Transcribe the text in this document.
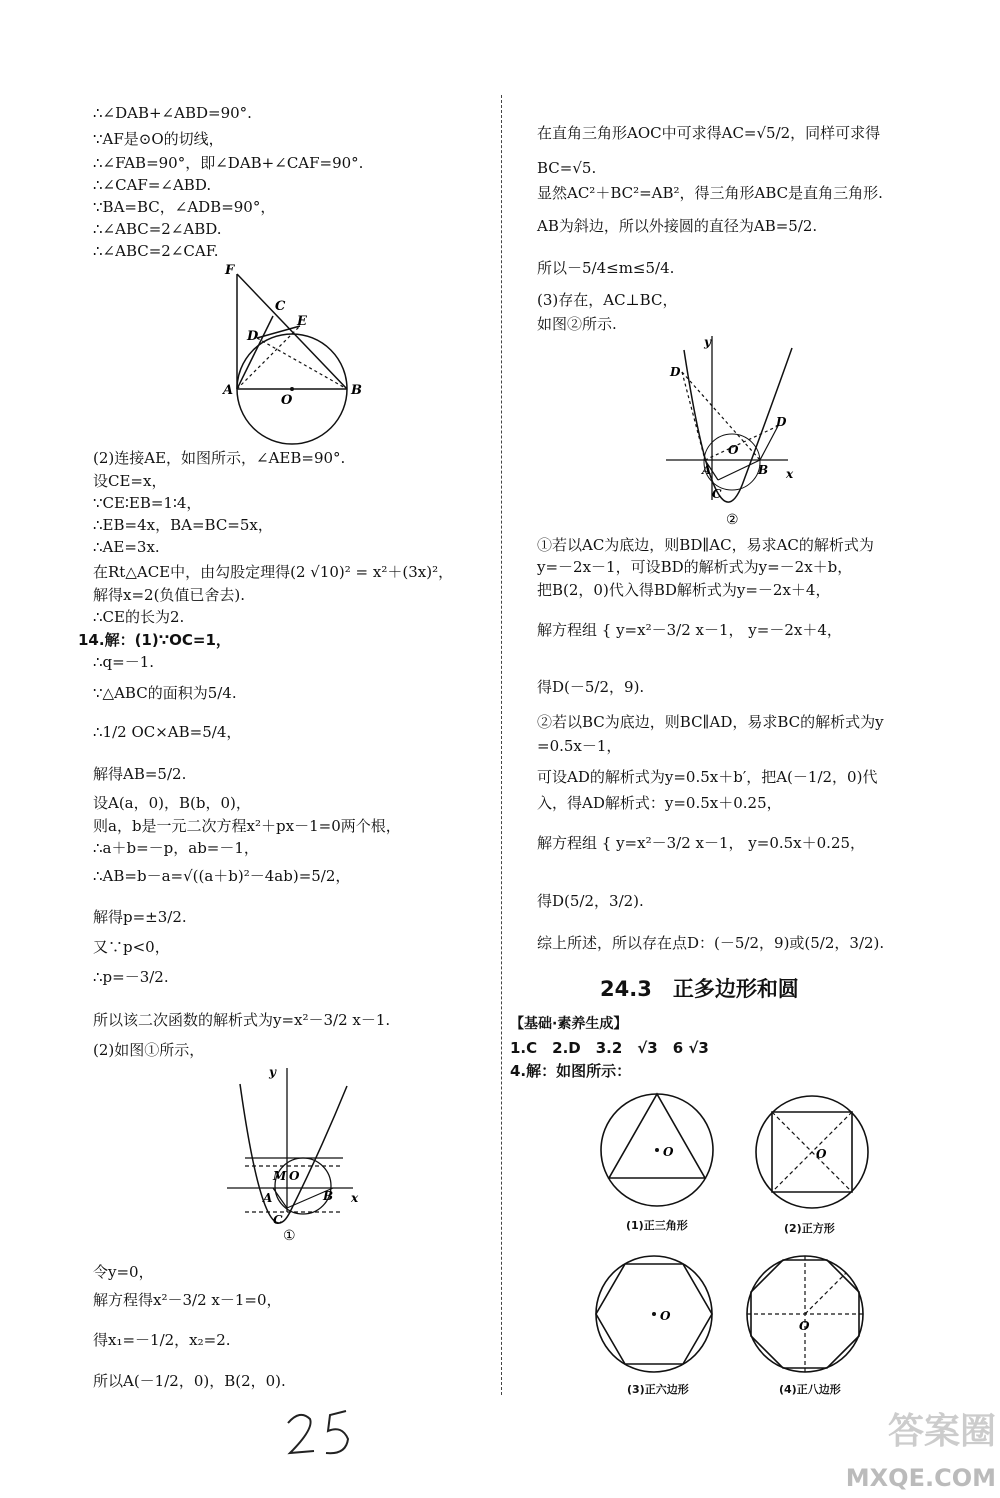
∴∠DAB+∠ABD=90°.
∵AF是⊙O的切线，
∴∠FAB=90°，即∠DAB+∠CAF=90°.
∴∠CAF=∠ABD.
∵BA=BC，∠ADB=90°，
∴∠ABC=2∠ABD.
∴∠ABC=2∠CAF.
F
C
E
D
A
O
B
(2)连接AE，如图所示，∠AEB=90°.
设CE=x，
∵CE∶EB=1∶4，
∴EB=4x，BA=BC=5x，
∴AE=3x.
在Rt△ACE中，由勾股定理得(2 √10)² = x²＋(3x)²，
解得x=2(负值已舍去).
∴CE的长为2.
14.解：(1)∵OC=1，
∴q=－1.
∵△ABC的面积为5/4.
∴1/2 OC×AB=5/4，
解得AB=5/2.
设A(a，0)，B(b，0)，
则a，b是一元二次方程x²＋px－1=0两个根，
∴a＋b=－p，ab=－1，
∴AB=b－a=√((a＋b)²－4ab)=5/2，
解得p=±3/2.
又∵p<0，
∴p=－3/2.
所以该二次函数的解析式为y=x²－3/2 x－1.
(2)如图①所示，
y
x
M O
A	B
C
①
令y=0，
解方程得x²－3/2 x－1=0，
得x₁=－1/2，x₂=2.
所以A(－1/2，0)，B(2，0).
在直角三角形AOC中可求得AC=√5/2，同样可求得
BC=√5.
显然AC²＋BC²=AB²，得三角形ABC是直角三角形.
AB为斜边，所以外接圆的直径为AB=5/2.
所以－5/4≤m≤5/4.
(3)存在，AC⊥BC，
如图②所示.
y
D
D
O
A	B
C
x
②
①若以AC为底边，则BD∥AC，易求AC的解析式为
y=－2x－1，可设BD的解析式为y=－2x＋b，
把B(2，0)代入得BD解析式为y=－2x＋4，
解方程组 { y=x²－3/2 x－1， y=－2x＋4，
得D(－5/2，9).
②若以BC为底边，则BC∥AD，易求BC的解析式为y
=0.5x－1，
可设AD的解析式为y=0.5x＋b′，把A(－1/2，0)代
入，得AD解析式：y=0.5x＋0.25，
解方程组 { y=x²－3/2 x－1， y=0.5x＋0.25，
得D(5/2，3/2).
综上所述，所以存在点D：(－5/2，9)或(5/2，3/2).
24.3　正多边形和圆
【基础·素养生成】
1.C　2.D　3.2　√3　6 √3
4.解：如图所示：
O
(1)正三角形
O
(2)正方形
O
(3)正六边形
O
(4)正八边形
答案圈
MXQE.COM
